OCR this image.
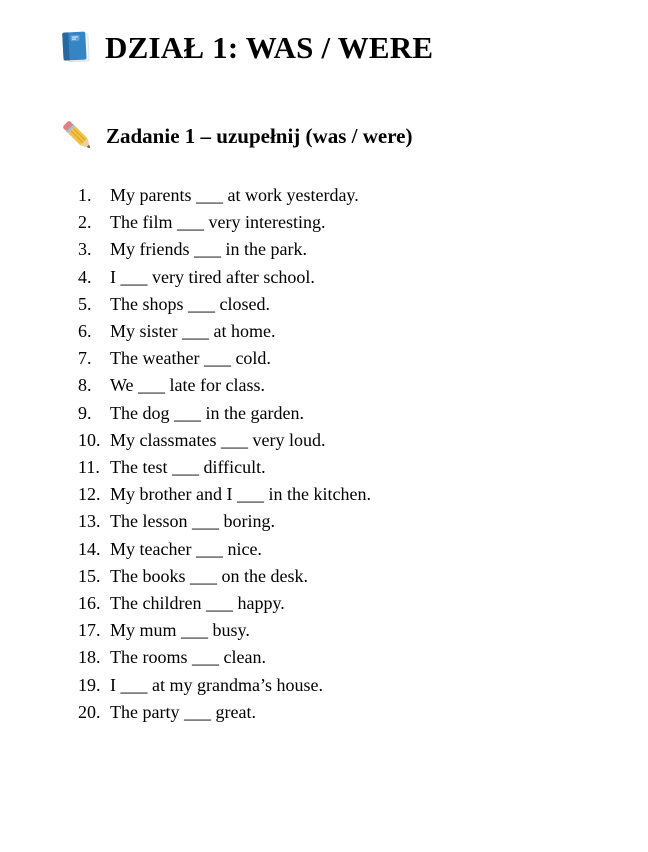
DZIAŁ 1: WAS / WERE
Zadanie 1 – uzupełnij (was / were)
1.	My parents ___ at work yesterday.
2.	The film ___ very interesting.
3.	My friends ___ in the park.
4.	I ___ very tired after school.
5.	The shops ___ closed.
6.	My sister ___ at home.
7.	The weather ___ cold.
8.	We ___ late for class.
9.	The dog ___ in the garden.
10. My classmates ___ very loud.
11. The test ___ difficult.
12. My brother and I ___ in the kitchen.
13. The lesson ___ boring.
14. My teacher ___ nice.
15. The books ___ on the desk.
16. The children ___ happy.
17. My mum ___ busy.
18. The rooms ___ clean.
19. I ___ at my grandma’s house.
20. The party ___ great.
